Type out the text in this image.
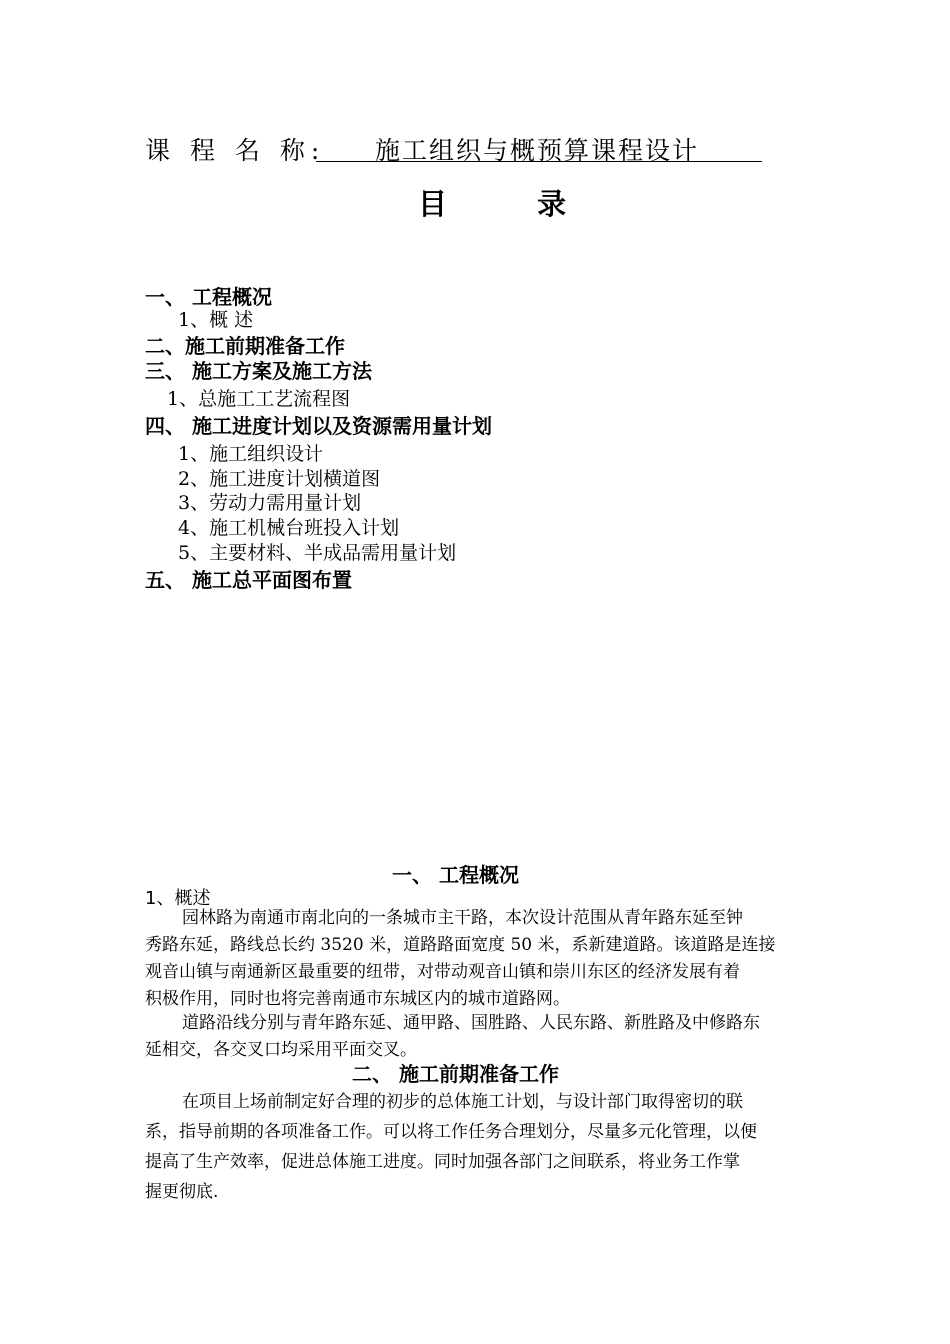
课 程 名 称: 施工组织与概预算课程设计
目 录
一、 工程概况
1、概 述
二、施工前期准备工作
三、 施工方案及施工方法
1、总施工工艺流程图
四、 施工进度计划以及资源需用量计划
1、施工组织设计
2、施工进度计划横道图
3、劳动力需用量计划
4、施工机械台班投入计划
5、主要材料、半成品需用量计划
五、 施工总平面图布置
一、 工程概况
1、概述

园林路为南通市南北向的一条城市主干路，本次设计范围从青年路东延至钟

秀路东延，路线总长约 3520 米，道路路面宽度 50 米，系新建道路。该道路是连接

观音山镇与南通新区最重要的纽带，对带动观音山镇和崇川东区的经济发展有着

积极作用，同时也将完善南通市东城区内的城市道路网。

道路沿线分别与青年路东延、通甲路、国胜路、人民东路、新胜路及中修路东

延相交，各交叉口均采用平面交叉。

二、 施工前期准备工作

在项目上场前制定好合理的初步的总体施工计划，与设计部门取得密切的联

系，指导前期的各项准备工作。可以将工作任务合理划分，尽量多元化管理，以便

提高了生产效率，促进总体施工进度。同时加强各部门之间联系，将业务工作掌

握更彻底.
